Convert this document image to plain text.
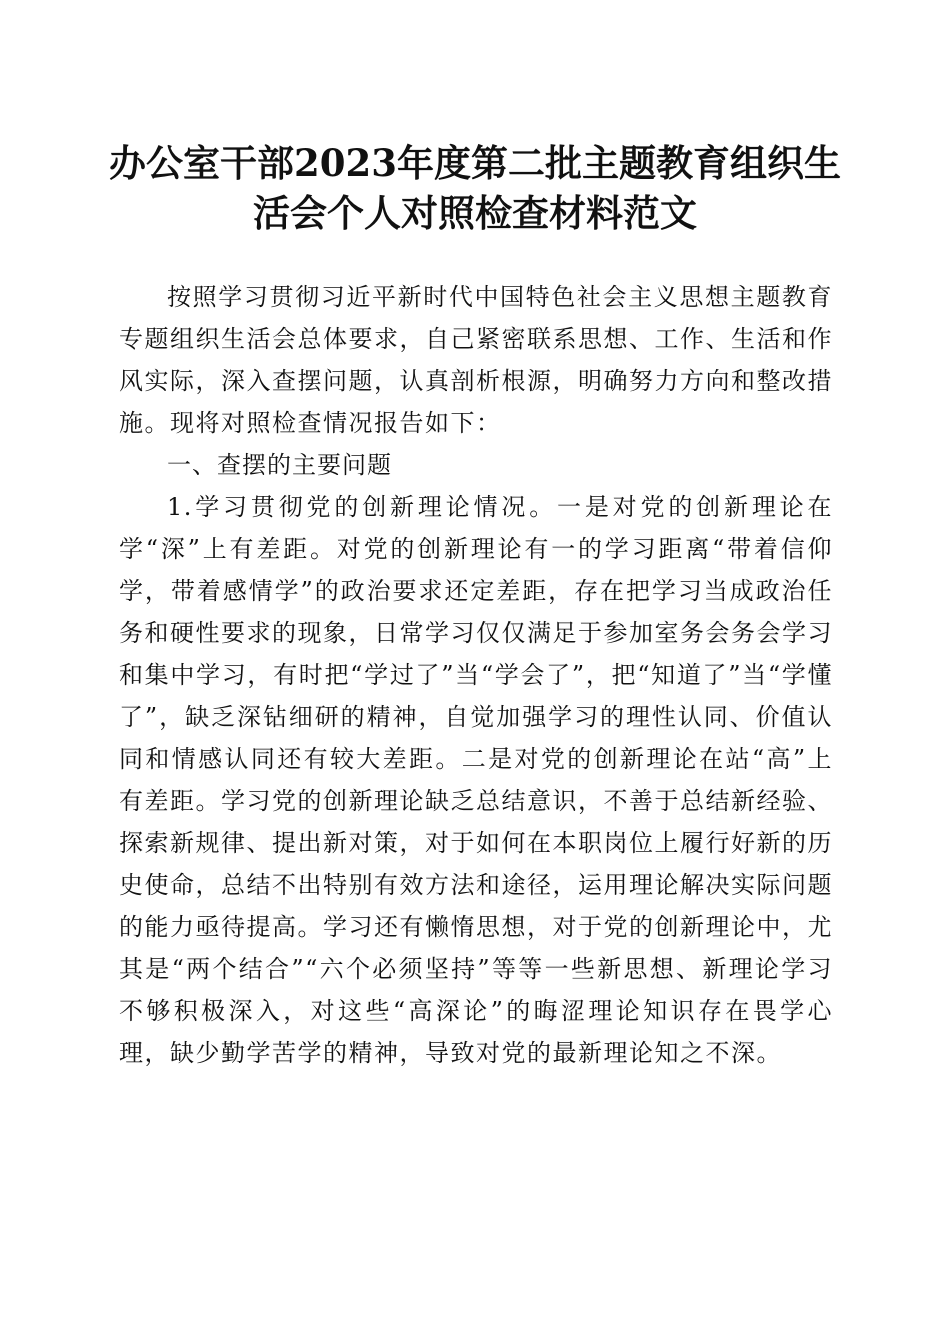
办公室干部2023年度第二批主题教育组织生
活会个人对照检查材料范文

按照学习贯彻习近平新时代中国特色社会主义思想主题教育专题组织生活会总体要求，自己紧密联系思想、工作、生活和作风实际，深入查摆问题，认真剖析根源，明确努力方向和整改措施。现将对照检查情况报告如下：

一、查摆的主要问题

1.学习贯彻党的创新理论情况。一是对党的创新理论在学“深”上有差距。对党的创新理论有一的学习距离“带着信仰学，带着感情学”的政治要求还定差距，存在把学习当成政治任务和硬性要求的现象，日常学习仅仅满足于参加室务会务会学习和集中学习，有时把“学过了”当“学会了”，把“知道了”当“学懂了”，缺乏深钻细研的精神，自觉加强学习的理性认同、价值认同和情感认同还有较大差距。二是对党的创新理论在站“高”上有差距。学习党的创新理论缺乏总结意识，不善于总结新经验、探索新规律、提出新对策，对于如何在本职岗位上履行好新的历史使命，总结不出特别有效方法和途径，运用理论解决实际问题的能力亟待提高。学习还有懒惰思想，对于党的创新理论中，尤其是“两个结合”“六个必须坚持”等等一些新思想、新理论学习不够积极深入，对这些“高深论”的晦涩理论知识存在畏学心理，缺少勤学苦学的精神，导致对党的最新理论知之不深。
